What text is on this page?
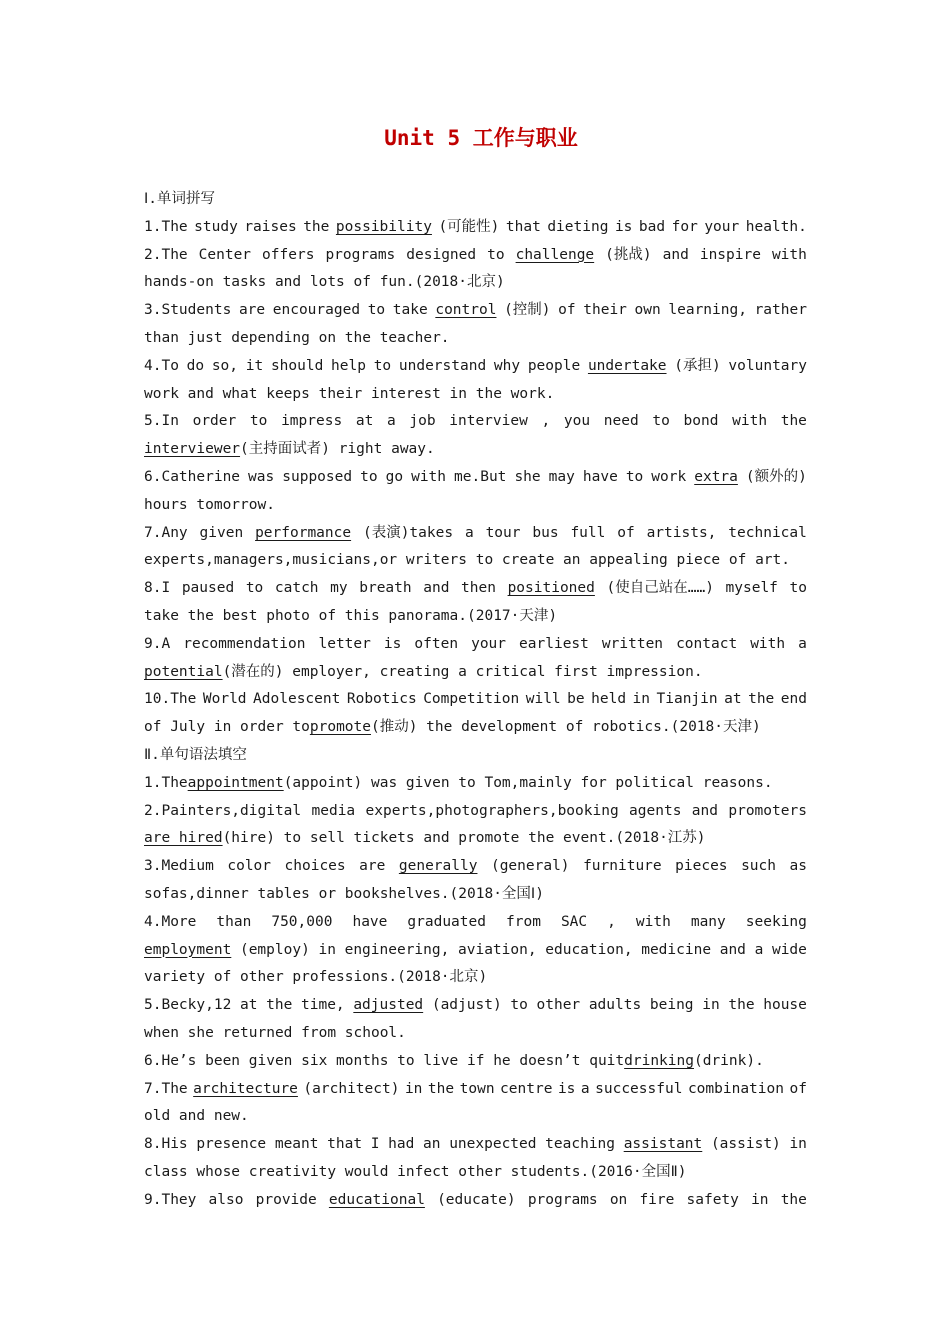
Unit 5 工作与职业
Ⅰ.单词拼写
1.The study raises the possibility (可能性) that dieting is bad for your health.
2.The Center offers programs designed to challenge (挑战) and inspire with
hands-on tasks and lots of fun.(2018·北京)
3.Students are encouraged to take control (控制) of their own learning, rather
than just depending on the teacher.
4.To do so, it should help to understand why people undertake (承担) voluntary
work and what keeps their interest in the work.
5.In order to impress at a job interview , you need to bond with the
interviewer (主持面试者) right away.
6.Catherine was supposed to go with me.But she may have to work extra (额外的)
hours tomorrow.
7.Any given performance (表演)takes a tour bus full of artists, technical
experts,managers,musicians,or writers to create an appealing piece of art.
8.I paused to catch my breath and then positioned (使自己站在……) myself to
take the best photo of this panorama.(2017·天津)
9.A recommendation letter is often your earliest written contact with a
potential (潜在的) employer, creating a critical first impression.
10.The World Adolescent Robotics Competition will be held in Tianjin at the end
of July in order to promote (推动) the development of robotics.(2018·天津)
Ⅱ.单句语法填空
1.The appointment (appoint) was given to Tom,mainly for political reasons.
2.Painters,digital media experts,photographers,booking agents and promoters
are hired (hire) to sell tickets and promote the event.(2018·江苏)
3.Medium color choices are generally (general) furniture pieces such as
sofas,dinner tables or bookshelves.(2018·全国Ⅰ)
4.More than 750,000 have graduated from SAC , with many seeking
employment (employ) in engineering, aviation, education, medicine and a wide
variety of other professions.(2018·北京)
5.Becky,12 at the time, adjusted (adjust) to other adults being in the house
when she returned from school.
6.He’s been given six months to live if he doesn’t quit drinking (drink).
7.The architecture (architect) in the town centre is a successful combination of
old and new.
8.His presence meant that I had an unexpected teaching assistant (assist) in
class whose creativity would infect other students.(2016·全国Ⅱ)
9.They also provide educational (educate) programs on fire safety in the
